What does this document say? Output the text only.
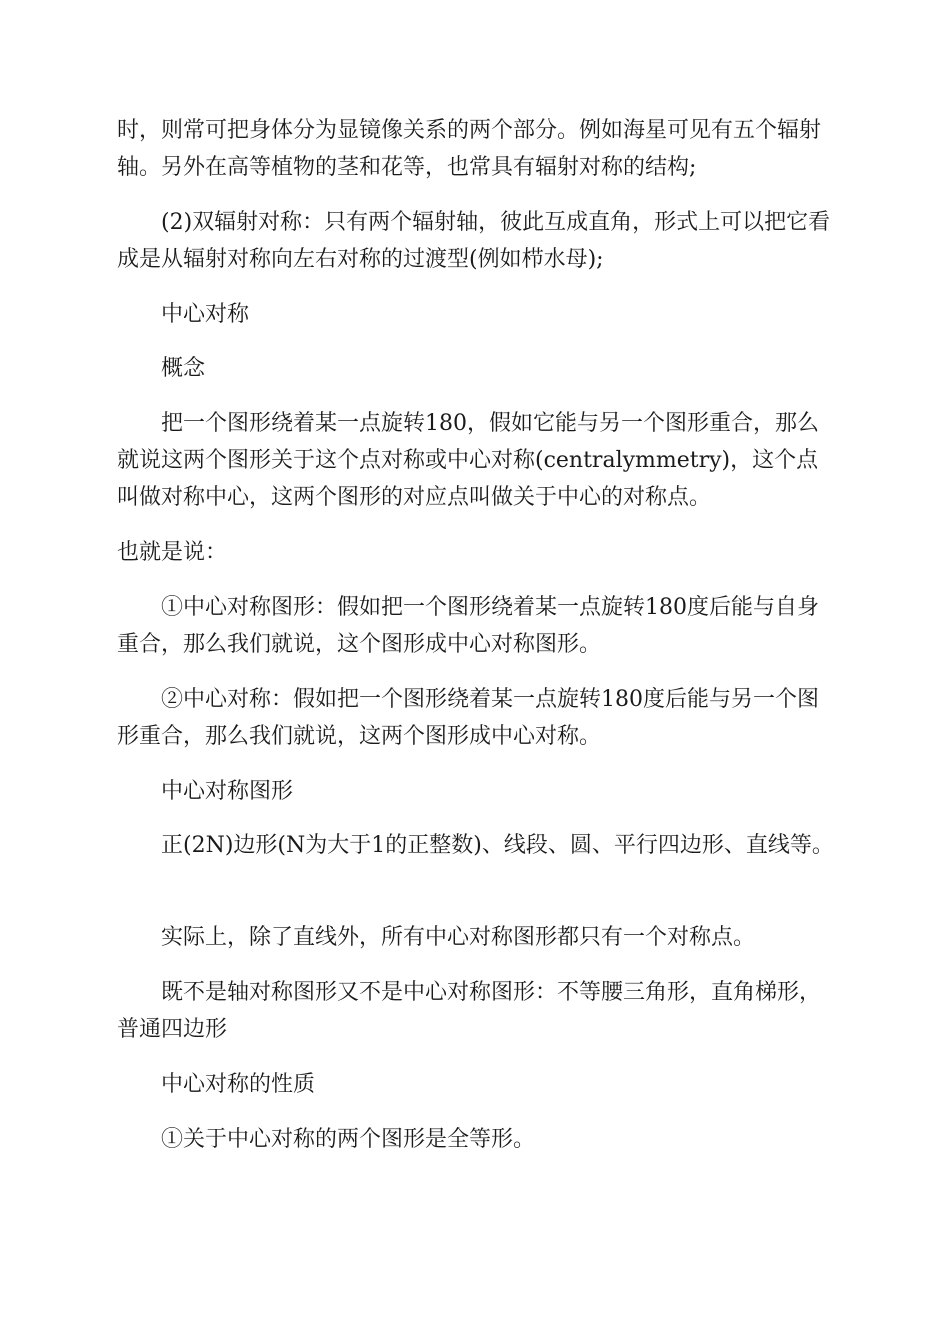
时，则常可把身体分为显镜像关系的两个部分。例如海星可见有五个辐射轴。另外在高等植物的茎和花等，也常具有辐射对称的结构;

(2)双辐射对称：只有两个辐射轴，彼此互成直角，形式上可以把它看成是从辐射对称向左右对称的过渡型(例如栉水母);

中心对称

概念

把一个图形绕着某一点旋转180，假如它能与另一个图形重合，那么就说这两个图形关于这个点对称或中心对称(centralymmetry)，这个点叫做对称中心，这两个图形的对应点叫做关于中心的对称点。

也就是说：

①中心对称图形：假如把一个图形绕着某一点旋转180度后能与自身重合，那么我们就说，这个图形成中心对称图形。

②中心对称：假如把一个图形绕着某一点旋转180度后能与另一个图形重合，那么我们就说，这两个图形成中心对称。

中心对称图形

正(2N)边形(N为大于1的正整数)、线段、圆、平行四边形、直线等。

实际上，除了直线外，所有中心对称图形都只有一个对称点。

既不是轴对称图形又不是中心对称图形：不等腰三角形，直角梯形，普通四边形

中心对称的性质

①关于中心对称的两个图形是全等形。
